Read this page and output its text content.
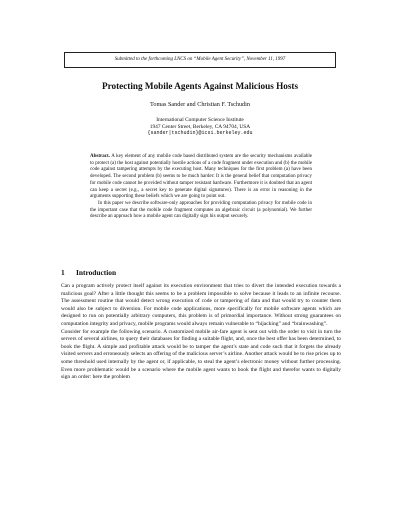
Submitted to the forthcoming LNCS on “Mobile Agent Security”, November 11, 1997
Protecting Mobile Agents Against Malicious Hosts
Tomas Sander and Christian F. Tschudin
International Computer Science Institute
1947 Center Street, Berkeley, CA 94704, USA
{sander|tschudin}@icsi.berkeley.edu

Abstract. A key element of any mobile code based distributed system are the security mechanisms available to protect (a) the host against potentially hostile actions of a code fragment under execution and (b) the mobile code against tampering attempts by the executing host. Many techniques for the first problem (a) have been developed. The second problem (b) seems to be much harder: It is the general belief that computation privacy for mobile code cannot be provided without tamper resistant hardware. Furthermore it is doubted that an agent can keep a secret (e.g., a secret key to generate digital signatures). There is an error in reasoning in the arguments supporting these beliefs which we are going to point out.

In this paper we describe software-only approaches for providing computation privacy for mobile code in the important case that the mobile code fragment computes an algebraic circuit (a polynomial). We further describe an approach how a mobile agent can digitally sign his output securely.

1 Introduction

Can a program actively protect itself against its execution environment that tries to divert the intended execution towards a malicious goal? After a little thought this seems to be a problem impossible to solve because it leads to an infinite recourse. The assessment routine that would detect wrong execution of code or tampering of data and that would try to counter them would also be subject to diversion. For mobile code applications, more specifically for mobile software agents which are designed to run on potentially arbitrary computers, this problem is of primordial importance. Without strong guarantees on computation integrity and privacy, mobile programs would always remain vulnerable to “hijacking” and “brainwashing”.

Consider for example the following scenario. A customized mobile air-fare agent is sent out with the order to visit in turn the servers of several airlines, to query their databases for finding a suitable flight, and, once the best offer has been determined, to book the flight. A simple and profitable attack would be to tamper the agent’s state and code such that it forgets the already visited servers and erroneously selects an offering of the malicious server’s airline. Another attack would be to rise prices up to some threshold used internally by the agent or, if applicable, to steal the agent’s electronic money without further processing. Even more problematic would be a scenario where the mobile agent wants to book the flight and therefor wants to digitally sign an order: here the problem
